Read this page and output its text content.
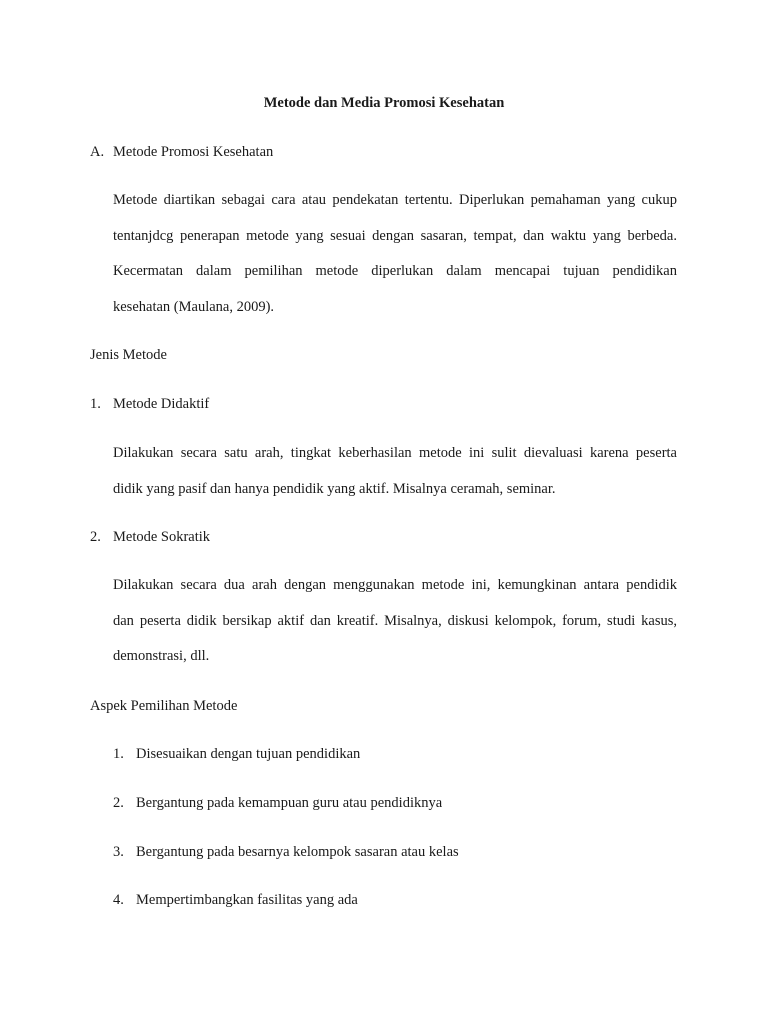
Metode dan Media Promosi Kesehatan
A. Metode Promosi Kesehatan
Metode diartikan sebagai cara atau pendekatan tertentu. Diperlukan pemahaman yang cukup
tentanjdcg penerapan metode yang sesuai dengan sasaran, tempat, dan waktu yang berbeda.
Kecermatan dalam pemilihan metode diperlukan dalam mencapai tujuan pendidikan
kesehatan (Maulana, 2009).
Jenis Metode
1. Metode Didaktif
Dilakukan secara satu arah, tingkat keberhasilan metode ini sulit dievaluasi karena peserta
didik yang pasif dan hanya pendidik yang aktif. Misalnya ceramah, seminar.
2. Metode Sokratik
Dilakukan secara dua arah dengan menggunakan metode ini, kemungkinan antara pendidik
dan peserta didik bersikap aktif dan kreatif. Misalnya, diskusi kelompok, forum, studi kasus,
demonstrasi, dll.
Aspek Pemilihan Metode
1. Disesuaikan dengan tujuan pendidikan
2. Bergantung pada kemampuan guru atau pendidiknya
3. Bergantung pada besarnya kelompok sasaran atau kelas
4. Mempertimbangkan fasilitas yang ada
